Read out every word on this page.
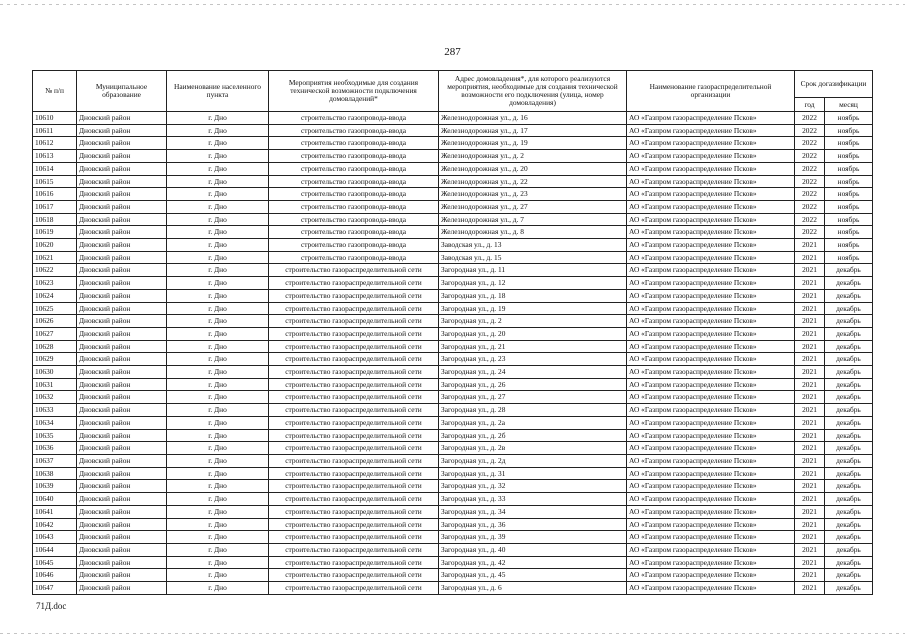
287
№ п/п	Муниципальное образование	Наименование населенного пункта	Мероприятия необходимые для создания технической возможности подключения домовладений*	Адрес домовладения*, для которого реализуются мероприятия, необходимые для создания технической возможности его подключения (улица, номер домовладения)	Наименование газораспределительной организации	Срок догазификации	
						год	месяц
10610	Дновский район	г. Дно	строительство газопровода-ввода	Железнодорожная ул., д. 16	АО «Газпром газораспределение Псков»	2022	ноябрь
10611	Дновский район	г. Дно	строительство газопровода-ввода	Железнодорожная ул., д. 17	АО «Газпром газораспределение Псков»	2022	ноябрь
10612	Дновский район	г. Дно	строительство газопровода-ввода	Железнодорожная ул., д. 19	АО «Газпром газораспределение Псков»	2022	ноябрь
10613	Дновский район	г. Дно	строительство газопровода-ввода	Железнодорожная ул., д. 2	АО «Газпром газораспределение Псков»	2022	ноябрь
10614	Дновский район	г. Дно	строительство газопровода-ввода	Железнодорожная ул., д. 20	АО «Газпром газораспределение Псков»	2022	ноябрь
10615	Дновский район	г. Дно	строительство газопровода-ввода	Железнодорожная ул., д. 22	АО «Газпром газораспределение Псков»	2022	ноябрь
10616	Дновский район	г. Дно	строительство газопровода-ввода	Железнодорожная ул., д. 23	АО «Газпром газораспределение Псков»	2022	ноябрь
10617	Дновский район	г. Дно	строительство газопровода-ввода	Железнодорожная ул., д. 27	АО «Газпром газораспределение Псков»	2022	ноябрь
10618	Дновский район	г. Дно	строительство газопровода-ввода	Железнодорожная ул., д. 7	АО «Газпром газораспределение Псков»	2022	ноябрь
10619	Дновский район	г. Дно	строительство газопровода-ввода	Железнодорожная ул., д. 8	АО «Газпром газораспределение Псков»	2022	ноябрь
10620	Дновский район	г. Дно	строительство газопровода-ввода	Заводская ул., д. 13	АО «Газпром газораспределение Псков»	2021	ноябрь
10621	Дновский район	г. Дно	строительство газопровода-ввода	Заводская ул., д. 15	АО «Газпром газораспределение Псков»	2021	ноябрь
10622	Дновский район	г. Дно	строительство газораспределительной сети	Загородная ул., д. 11	АО «Газпром газораспределение Псков»	2021	декабрь
10623	Дновский район	г. Дно	строительство газораспределительной сети	Загородная ул., д. 12	АО «Газпром газораспределение Псков»	2021	декабрь
10624	Дновский район	г. Дно	строительство газораспределительной сети	Загородная ул., д. 18	АО «Газпром газораспределение Псков»	2021	декабрь
10625	Дновский район	г. Дно	строительство газораспределительной сети	Загородная ул., д. 19	АО «Газпром газораспределение Псков»	2021	декабрь
10626	Дновский район	г. Дно	строительство газораспределительной сети	Загородная ул., д. 2	АО «Газпром газораспределение Псков»	2021	декабрь
10627	Дновский район	г. Дно	строительство газораспределительной сети	Загородная ул., д. 20	АО «Газпром газораспределение Псков»	2021	декабрь
10628	Дновский район	г. Дно	строительство газораспределительной сети	Загородная ул., д. 21	АО «Газпром газораспределение Псков»	2021	декабрь
10629	Дновский район	г. Дно	строительство газораспределительной сети	Загородная ул., д. 23	АО «Газпром газораспределение Псков»	2021	декабрь
10630	Дновский район	г. Дно	строительство газораспределительной сети	Загородная ул., д. 24	АО «Газпром газораспределение Псков»	2021	декабрь
10631	Дновский район	г. Дно	строительство газораспределительной сети	Загородная ул., д. 26	АО «Газпром газораспределение Псков»	2021	декабрь
10632	Дновский район	г. Дно	строительство газораспределительной сети	Загородная ул., д. 27	АО «Газпром газораспределение Псков»	2021	декабрь
10633	Дновский район	г. Дно	строительство газораспределительной сети	Загородная ул., д. 28	АО «Газпром газораспределение Псков»	2021	декабрь
10634	Дновский район	г. Дно	строительство газораспределительной сети	Загородная ул., д. 2а	АО «Газпром газораспределение Псков»	2021	декабрь
10635	Дновский район	г. Дно	строительство газораспределительной сети	Загородная ул., д. 2б	АО «Газпром газораспределение Псков»	2021	декабрь
10636	Дновский район	г. Дно	строительство газораспределительной сети	Загородная ул., д. 2в	АО «Газпром газораспределение Псков»	2021	декабрь
10637	Дновский район	г. Дно	строительство газораспределительной сети	Загородная ул., д. 2д	АО «Газпром газораспределение Псков»	2021	декабрь
10638	Дновский район	г. Дно	строительство газораспределительной сети	Загородная ул., д. 31	АО «Газпром газораспределение Псков»	2021	декабрь
10639	Дновский район	г. Дно	строительство газораспределительной сети	Загородная ул., д. 32	АО «Газпром газораспределение Псков»	2021	декабрь
10640	Дновский район	г. Дно	строительство газораспределительной сети	Загородная ул., д. 33	АО «Газпром газораспределение Псков»	2021	декабрь
10641	Дновский район	г. Дно	строительство газораспределительной сети	Загородная ул., д. 34	АО «Газпром газораспределение Псков»	2021	декабрь
10642	Дновский район	г. Дно	строительство газораспределительной сети	Загородная ул., д. 36	АО «Газпром газораспределение Псков»	2021	декабрь
10643	Дновский район	г. Дно	строительство газораспределительной сети	Загородная ул., д. 39	АО «Газпром газораспределение Псков»	2021	декабрь
10644	Дновский район	г. Дно	строительство газораспределительной сети	Загородная ул., д. 40	АО «Газпром газораспределение Псков»	2021	декабрь
10645	Дновский район	г. Дно	строительство газораспределительной сети	Загородная ул., д. 42	АО «Газпром газораспределение Псков»	2021	декабрь
10646	Дновский район	г. Дно	строительство газораспределительной сети	Загородная ул., д. 45	АО «Газпром газораспределение Псков»	2021	декабрь
10647	Дновский район	г. Дно	строительство газораспределительной сети	Загородная ул., д. 6	АО «Газпром газораспределение Псков»	2021	декабрь
71Д.doc
